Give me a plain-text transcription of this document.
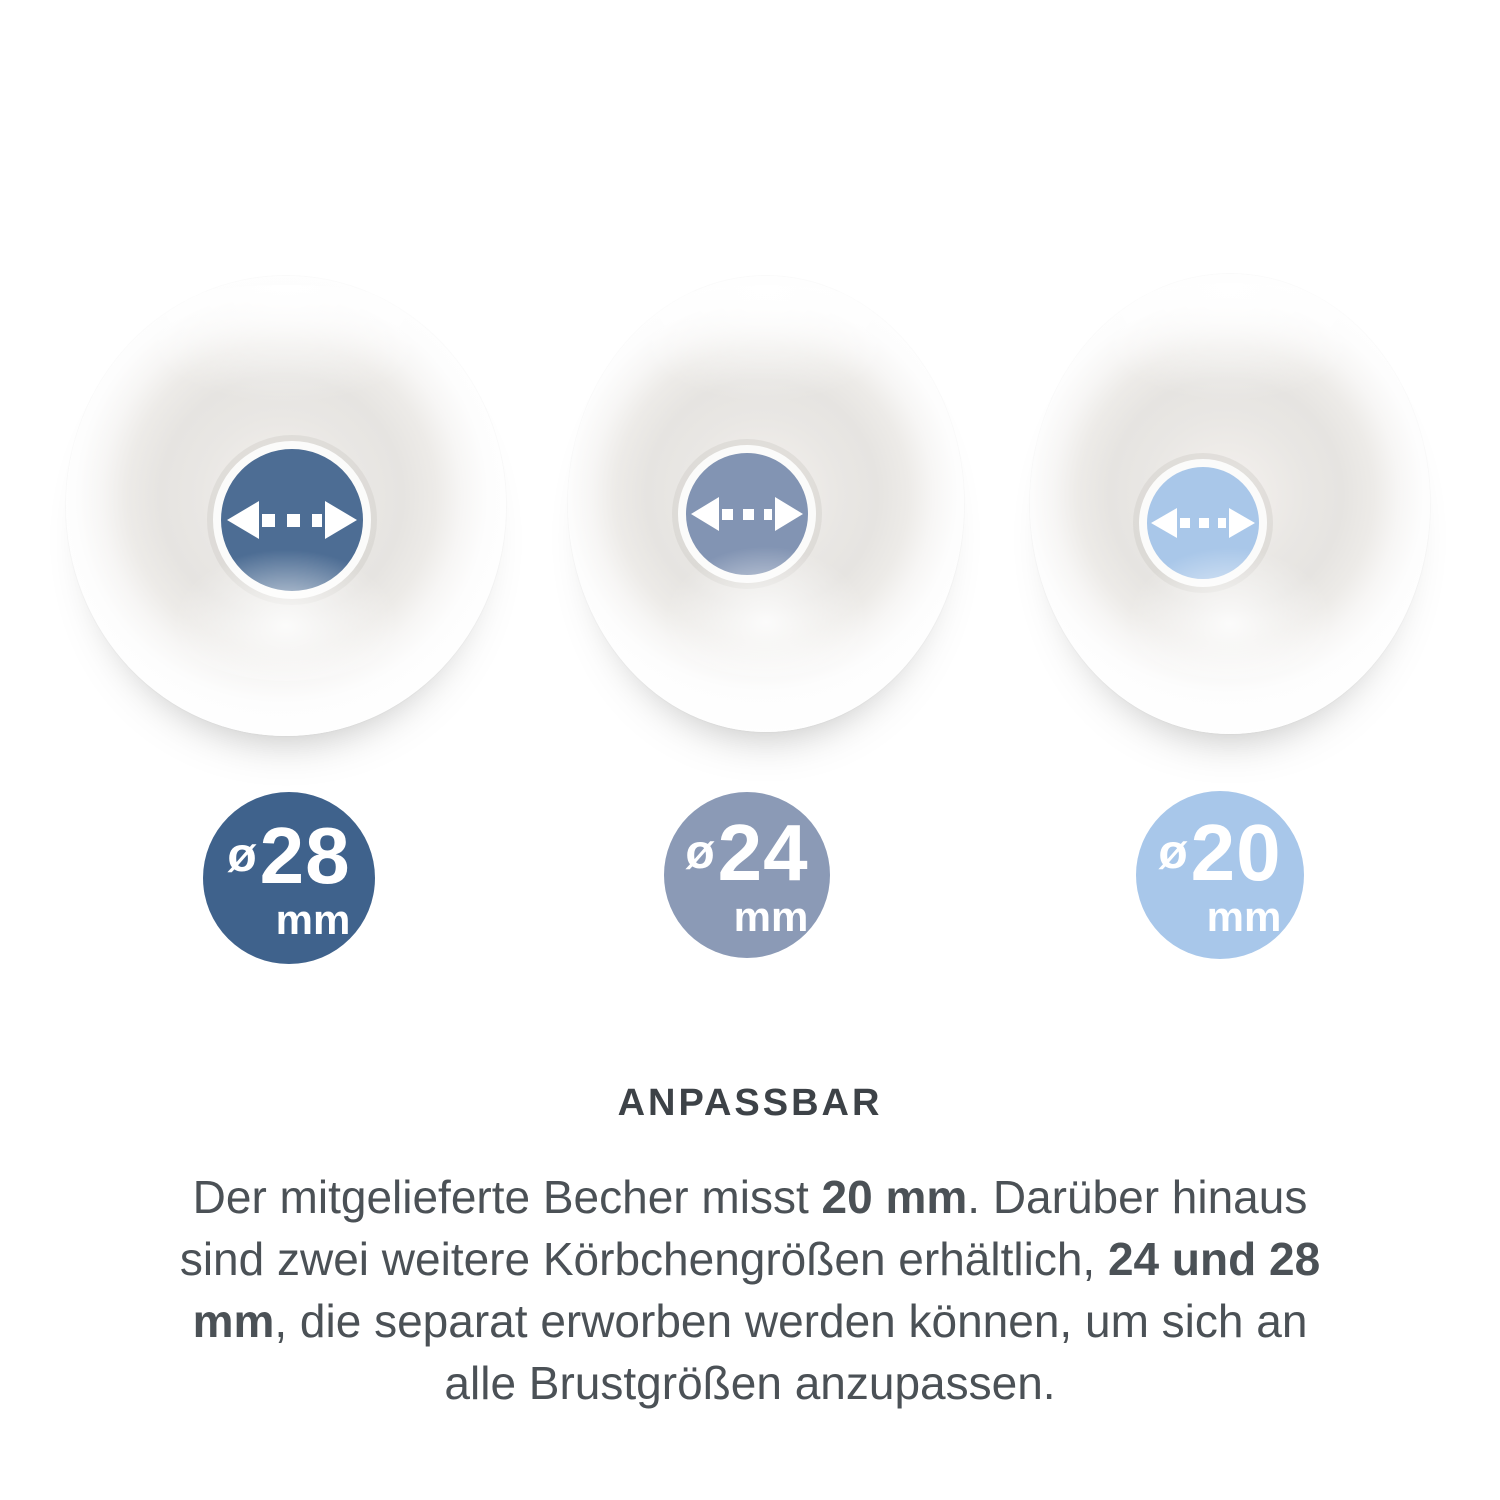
ø 28
mm
ø 24
mm
ø 20
mm
ANPASSBAR
Der mitgelieferte Becher misst 20 mm. Darüber hinaus
sind zwei weitere Körbchengrößen erhältlich, 24 und 28
mm, die separat erworben werden können, um sich an
alle Brustgrößen anzupassen.
